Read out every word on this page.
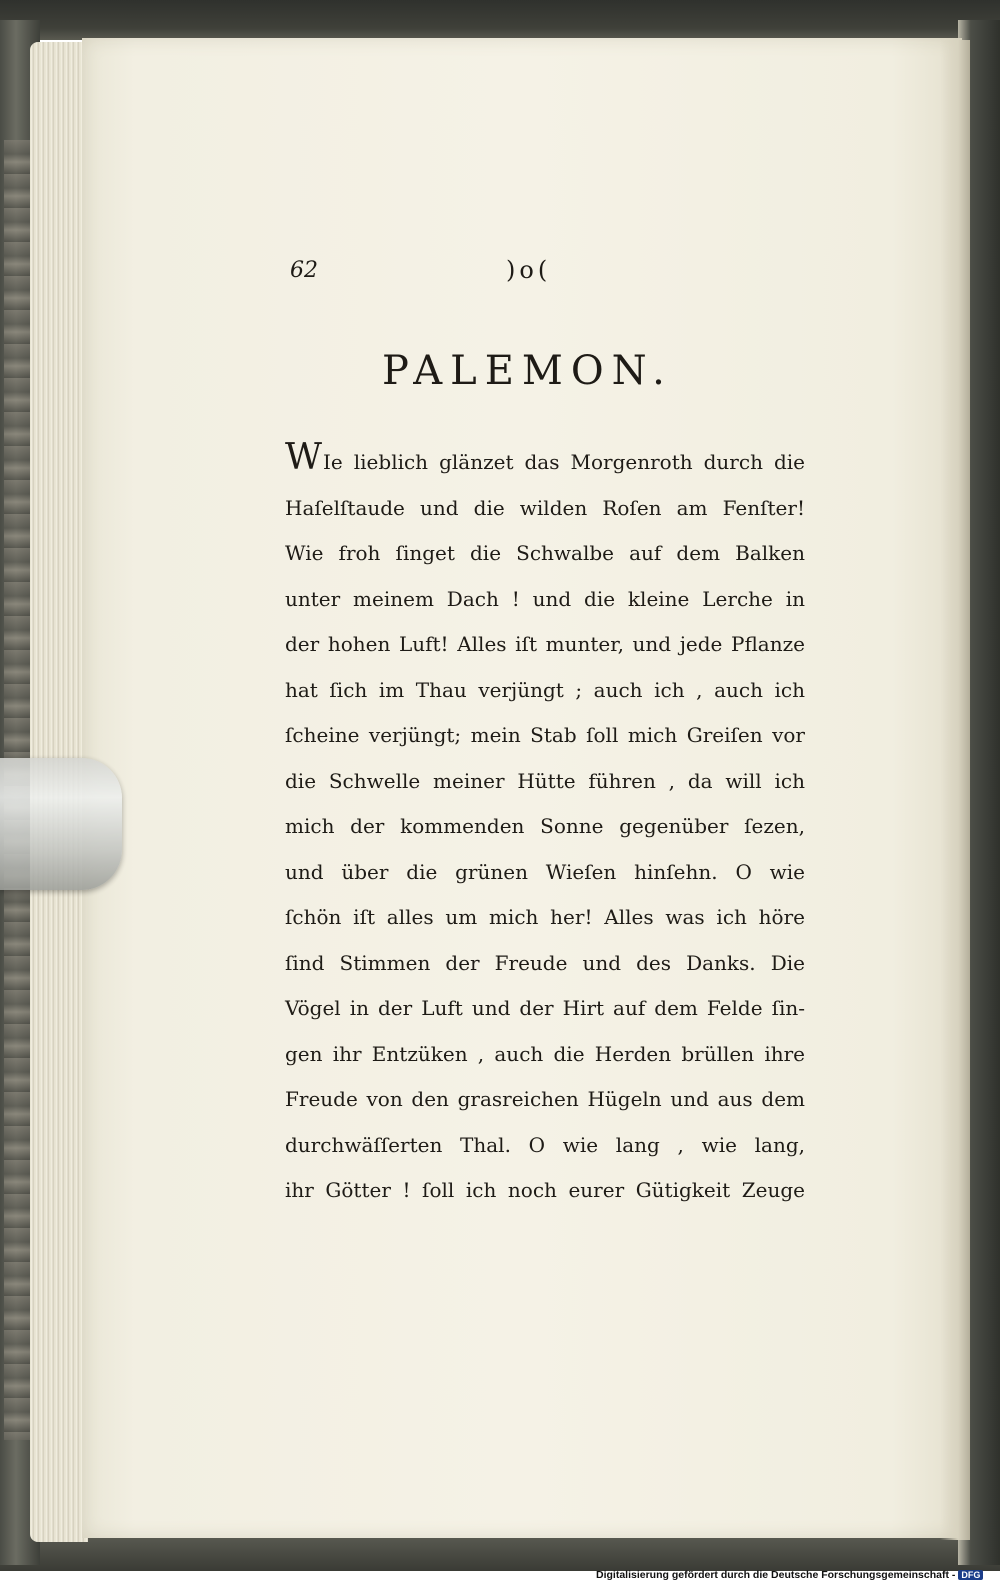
62	)o(
PALEMON.
WIe lieblich glänzet das Morgenroth durch die
Haſelſtaude und die wilden Roſen am Fenſter!
Wie froh ſinget die Schwalbe auf dem Balken
unter meinem Dach ! und die kleine Lerche in
der hohen Luft! Alles iſt munter, und jede Pflanze
hat ſich im Thau verjüngt ; auch ich , auch ich
ſcheine verjüngt; mein Stab ſoll mich Greiſen vor
die Schwelle meiner Hütte führen , da will ich
mich der kommenden Sonne gegenüber ſezen,
und über die grünen Wieſen hinſehn. O wie
ſchön iſt alles um mich her! Alles was ich höre
ſind Stimmen der Freude und des Danks. Die
Vögel in der Luft und der Hirt auf dem Felde ſin-
gen ihr Entzüken , auch die Herden brüllen ihre
Freude von den grasreichen Hügeln und aus dem
durchwäſſerten Thal. O wie lang , wie lang,
ihr Götter ! ſoll ich noch eurer Gütigkeit Zeuge
Digitalisierung gefördert durch die Deutsche Forschungsgemeinschaft - DFG
